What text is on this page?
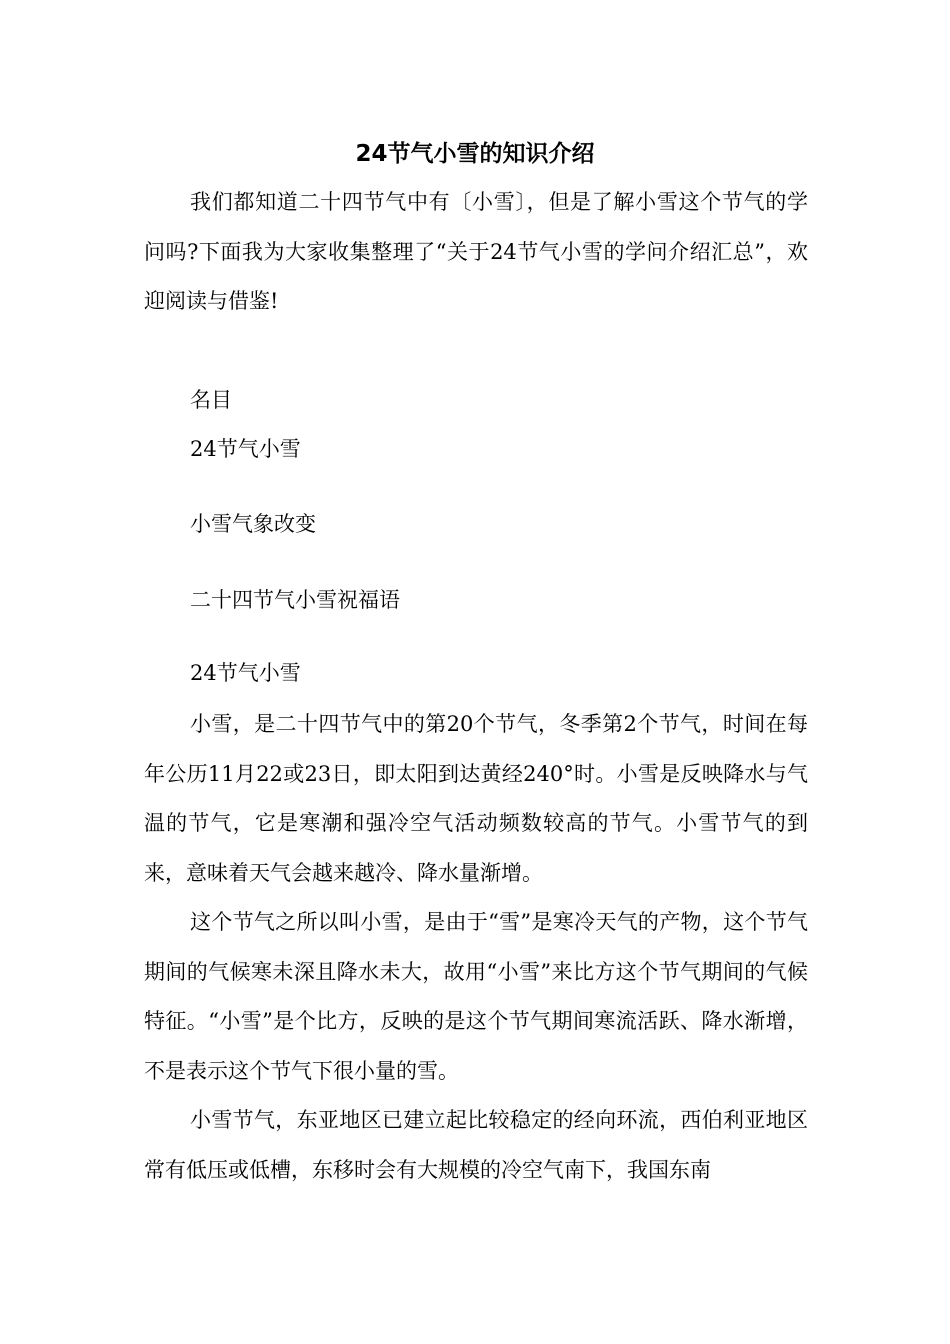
24节气小雪的知识介绍

我们都知道二十四节气中有〔小雪〕，但是了解小雪这个节气的学问吗?下面我为大家收集整理了“关于24节气小雪的学问介绍汇总”，欢迎阅读与借鉴!

名目

24节气小雪

小雪气象改变

二十四节气小雪祝福语

24节气小雪

小雪，是二十四节气中的第20个节气，冬季第2个节气，时间在每年公历11月22或23日，即太阳到达黄经240°时。小雪是反映降水与气温的节气，它是寒潮和强冷空气活动频数较高的节气。小雪节气的到来，意味着天气会越来越冷、降水量渐增。

这个节气之所以叫小雪，是由于“雪”是寒冷天气的产物，这个节气期间的气候寒未深且降水未大，故用“小雪”来比方这个节气期间的气候特征。“小雪”是个比方，反映的是这个节气期间寒流活跃、降水渐增，不是表示这个节气下很小量的雪。

小雪节气，东亚地区已建立起比较稳定的经向环流，西伯利亚地区常有低压或低槽，东移时会有大规模的冷空气南下，我国东南
